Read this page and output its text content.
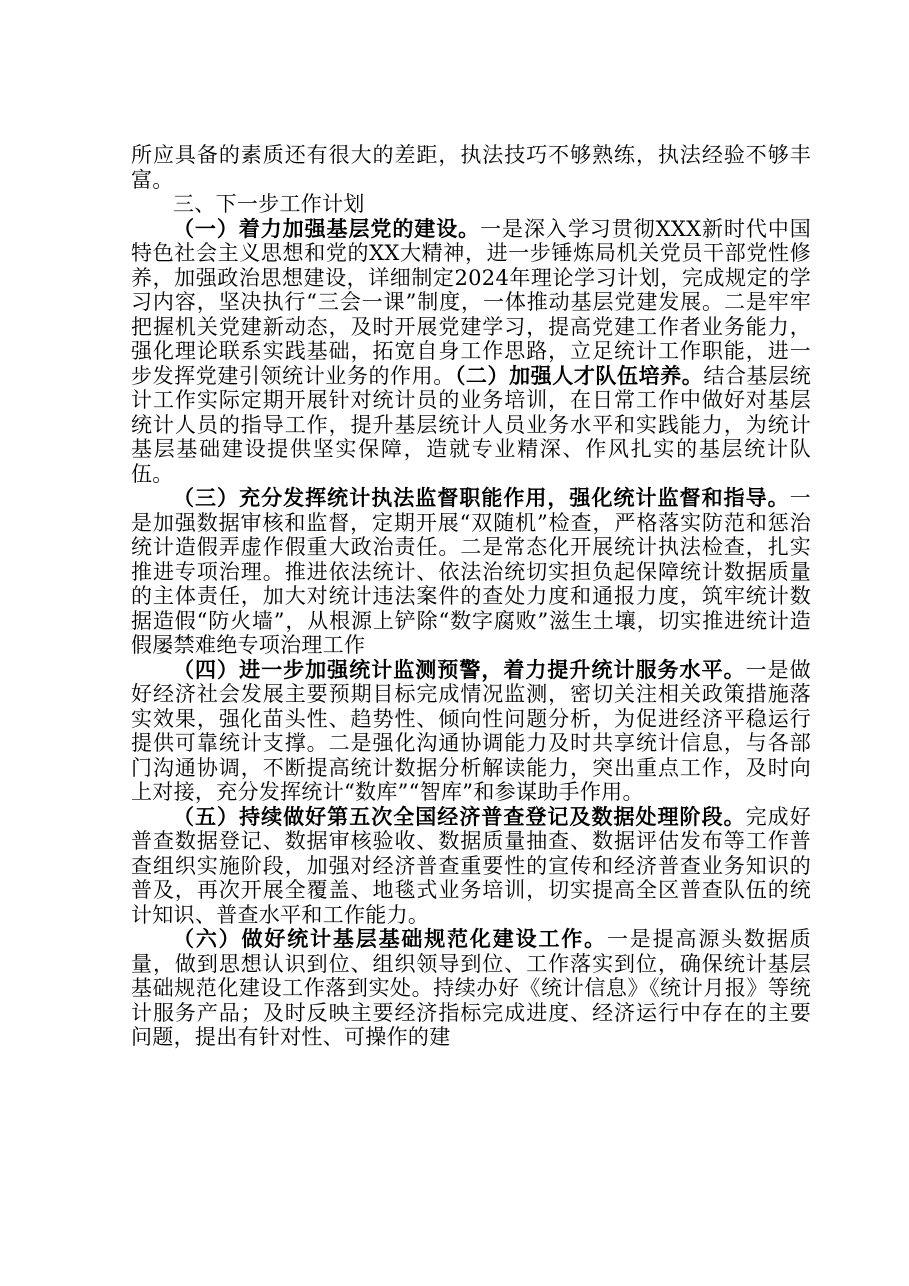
所应具备的素质还有很大的差距，执法技巧不够熟练，执法经验不够丰富。

三、下一步工作计划

（一）着力加强基层党的建设。一是深入学习贯彻XXX新时代中国特色社会主义思想和党的XX大精神，进一步锤炼局机关党员干部党性修养，加强政治思想建设，详细制定2024年理论学习计划，完成规定的学习内容，坚决执行“三会一课”制度，一体推动基层党建发展。二是牢牢把握机关党建新动态，及时开展党建学习，提高党建工作者业务能力，强化理论联系实践基础，拓宽自身工作思路，立足统计工作职能，进一步发挥党建引领统计业务的作用。（二）加强人才队伍培养。结合基层统计工作实际定期开展针对统计员的业务培训，在日常工作中做好对基层统计人员的指导工作，提升基层统计人员业务水平和实践能力，为统计基层基础建设提供坚实保障，造就专业精深、作风扎实的基层统计队伍。

（三）充分发挥统计执法监督职能作用，强化统计监督和指导。一是加强数据审核和监督，定期开展“双随机”检查，严格落实防范和惩治统计造假弄虚作假重大政治责任。二是常态化开展统计执法检查，扎实推进专项治理。推进依法统计、依法治统切实担负起保障统计数据质量的主体责任，加大对统计违法案件的查处力度和通报力度，筑牢统计数据造假“防火墙”，从根源上铲除“数字腐败”滋生土壤，切实推进统计造假屡禁难绝专项治理工作

（四）进一步加强统计监测预警，着力提升统计服务水平。一是做好经济社会发展主要预期目标完成情况监测，密切关注相关政策措施落实效果，强化苗头性、趋势性、倾向性问题分析，为促进经济平稳运行提供可靠统计支撑。二是强化沟通协调能力及时共享统计信息，与各部门沟通协调，不断提高统计数据分析解读能力，突出重点工作，及时向上对接，充分发挥统计“数库”“智库”和参谋助手作用。

（五）持续做好第五次全国经济普查登记及数据处理阶段。完成好普查数据登记、数据审核验收、数据质量抽查、数据评估发布等工作普查组织实施阶段，加强对经济普查重要性的宣传和经济普查业务知识的普及，再次开展全覆盖、地毯式业务培训，切实提高全区普查队伍的统计知识、普查水平和工作能力。

（六）做好统计基层基础规范化建设工作。一是提高源头数据质量，做到思想认识到位、组织领导到位、工作落实到位，确保统计基层基础规范化建设工作落到实处。持续办好《统计信息》《统计月报》等统计服务产品；及时反映主要经济指标完成进度、经济运行中存在的主要问题，提出有针对性、可操作的建
